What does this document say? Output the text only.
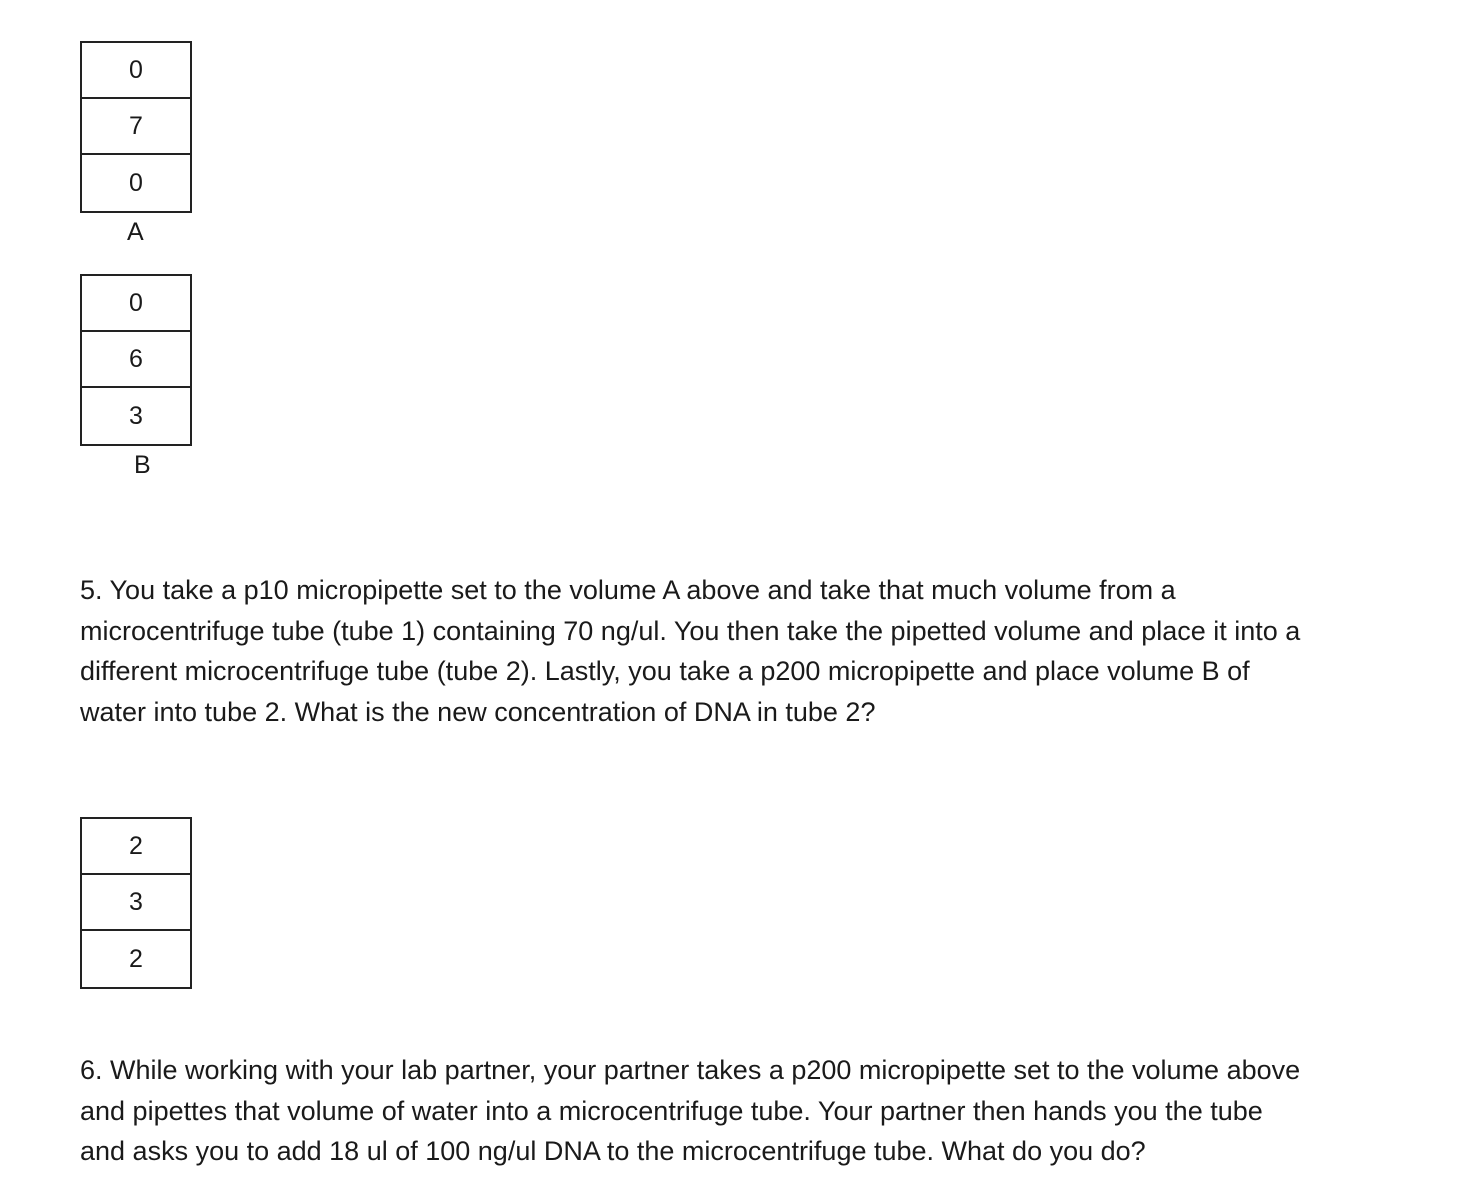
0
7
0
A
0
6
3
B
5. You take a p10 micropipette set to the volume A above and take that much volume from a
microcentrifuge tube (tube 1) containing 70 ng/ul. You then take the pipetted volume and place it into a
different microcentrifuge tube (tube 2). Lastly, you take a p200 micropipette and place volume B of
water into tube 2. What is the new concentration of DNA in tube 2?
2
3
2
6. While working with your lab partner, your partner takes a p200 micropipette set to the volume above
and pipettes that volume of water into a microcentrifuge tube. Your partner then hands you the tube
and asks you to add 18 ul of 100 ng/ul DNA to the microcentrifuge tube. What do you do?
